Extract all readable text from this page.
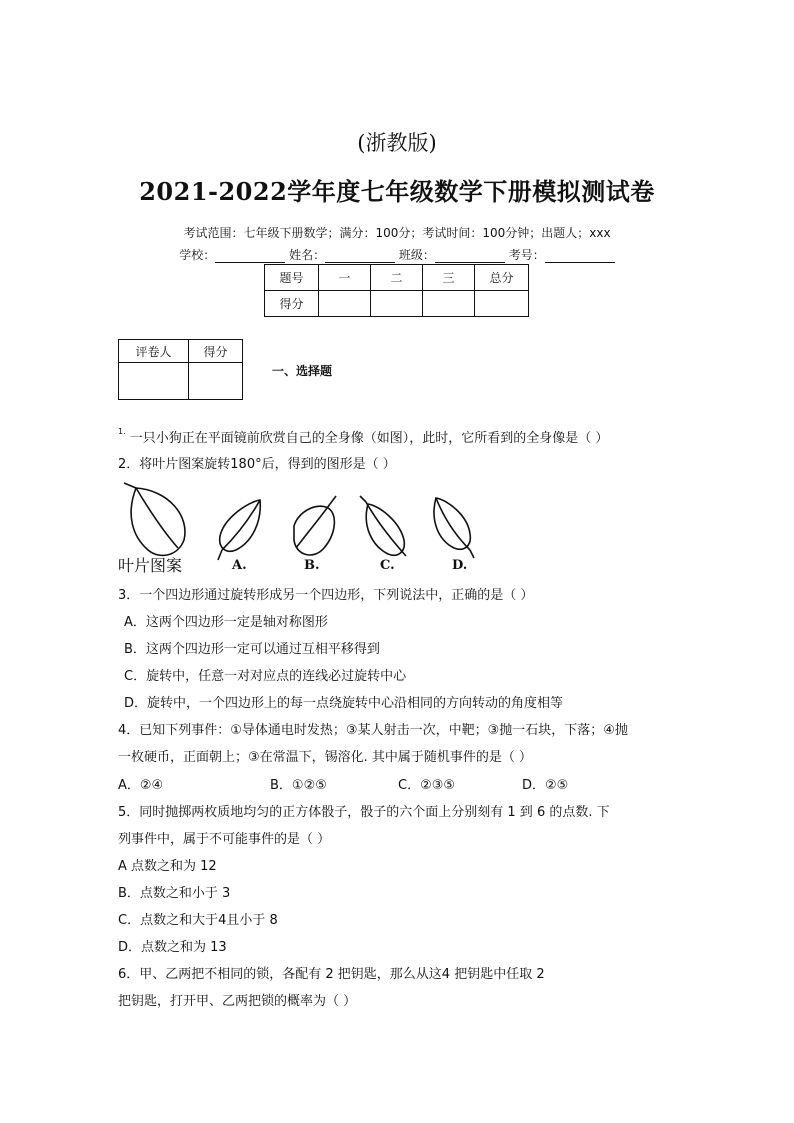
(浙教版)
2021-2022学年度七年级数学下册模拟测试卷
考试范围：七年级下册数学；满分：100分；考试时间：100分钟；出题人；xxx
学校：	姓名：	班级：	考号：
题号	一	二	三	总分
得分				
评卷人	得分

一、选择题
$^{1.}$ 一只小狗正在平面镜前欣赏自己的全身像（如图），此时，它所看到的全身像是（ ）
2．将叶片图案旋转180°后，得到的图形是（ ）
叶片图案	A.	B.	C.	D.
3．一个四边形通过旋转形成另一个四边形，下列说法中，正确的是（ ）
A．这两个四边形一定是轴对称图形
B．这两个四边形一定可以通过互相平移得到
C．旋转中，任意一对对应点的连线必过旋转中心
D．旋转中，一个四边形上的每一点绕旋转中心沿相同的方向转动的角度相等
4．已知下列事件：①导体通电时发热；③某人射击一次，中靶；③抛一石块，下落；④抛
一枚硬币，正面朝上；③在常温下，锡溶化. 其中属于随机事件的是（ ）
A．②④	B．①②⑤	C．②③⑤	D．②⑤
5．同时抛掷两枚质地均匀的正方体骰子，骰子的六个面上分别刻有 1 到 6 的点数. 下
列事件中，属于不可能事件的是（ ）
A 点数之和为 12
B．点数之和小于 3
C．点数之和大于4且小于 8
D．点数之和为 13
6．甲、乙两把不相同的锁，各配有 2 把钥匙，那么从这4 把钥匙中任取 2
把钥匙，打开甲、乙两把锁的概率为（ ）
